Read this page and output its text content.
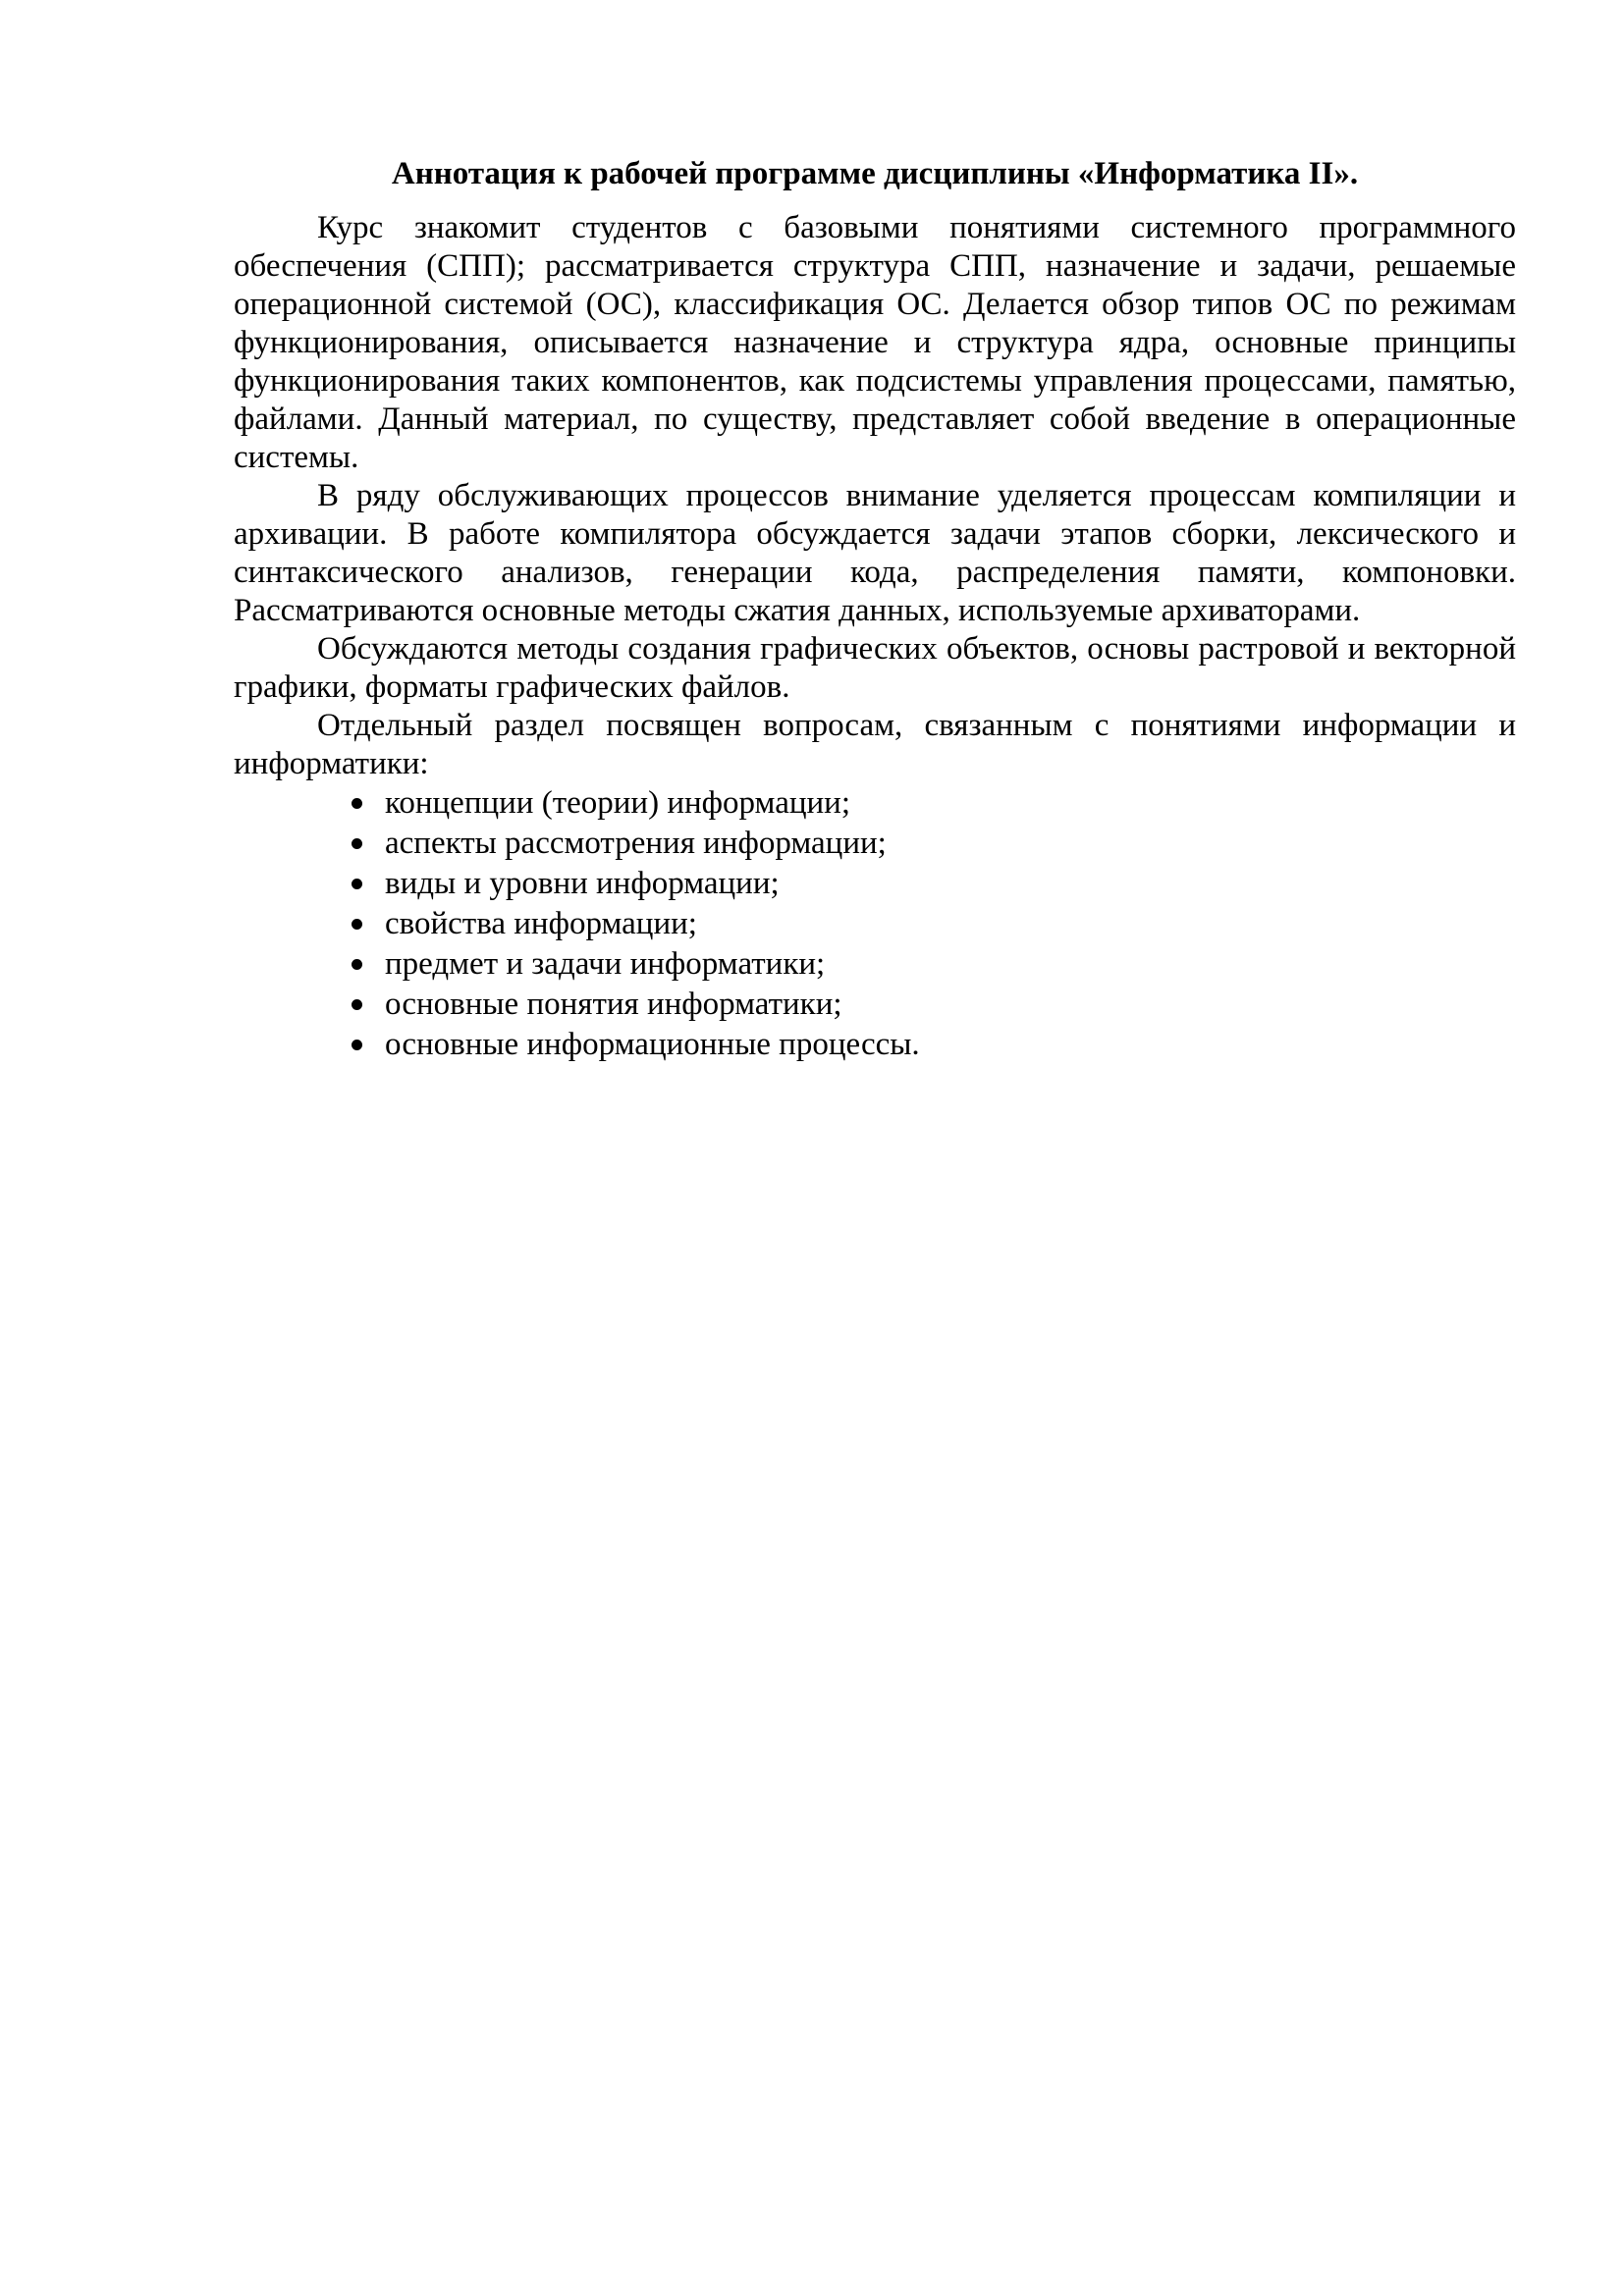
Аннотация к рабочей программе дисциплины «Информатика II».

Курс знакомит студентов с базовыми понятиями системного программного обеспечения (СПП); рассматривается структура СПП, назначение и задачи, решаемые операционной системой (ОС), классификация ОС. Делается обзор типов ОС по режимам функционирования, описывается назначение и структура ядра, основные принципы функционирования таких компонентов, как подсистемы управления процессами, памятью, файлами. Данный материал, по существу, представляет собой введение в операционные системы.

В ряду обслуживающих процессов внимание уделяется процессам компиляции и архивации. В работе компилятора обсуждается задачи этапов сборки, лексического и синтаксического анализов, генерации кода, распределения памяти, компоновки. Рассматриваются основные методы сжатия данных, используемые архиваторами.

Обсуждаются методы создания графических объектов, основы растровой и векторной графики, форматы графических файлов.

Отдельный раздел посвящен вопросам, связанным с понятиями информации и информатики:

концепции (теории) информации;
аспекты рассмотрения информации;
виды и уровни информации;
свойства информации;
предмет и задачи информатики;
основные понятия информатики;
основные информационные процессы.
